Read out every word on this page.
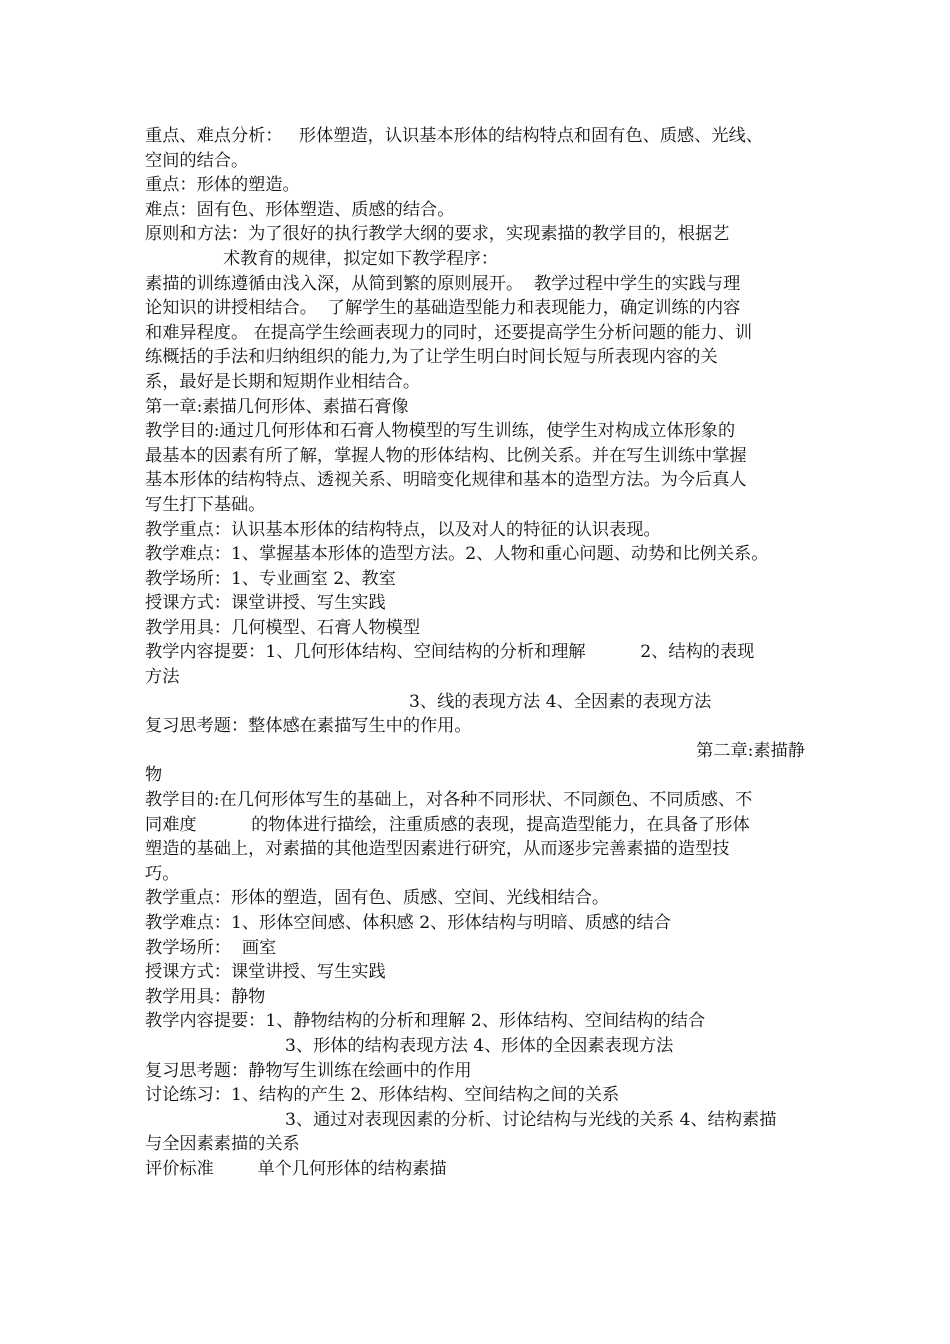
重点、难点分析：   形体塑造，认识基本形体的结构特点和固有色、质感、光线、
空间的结合。
重点：形体的塑造。
难点：固有色、形体塑造、质感的结合。
原则和方法：为了很好的执行教学大纲的要求，实现素描的教学目的，根据艺
术教育的规律，拟定如下教学程序：
素描的训练遵循由浅入深，从简到繁的原则展开。  教学过程中学生的实践与理
论知识的讲授相结合。  了解学生的基础造型能力和表现能力，确定训练的内容
和难异程度。 在提高学生绘画表现力的同时，还要提高学生分析问题的能力、训
练概括的手法和归纳组织的能力,为了让学生明白时间长短与所表现内容的关
系，最好是长期和短期作业相结合。
第一章:素描几何形体、素描石膏像
教学目的:通过几何形体和石膏人物模型的写生训练，使学生对构成立体形象的
最基本的因素有所了解，掌握人物的形体结构、比例关系。并在写生训练中掌握
基本形体的结构特点、透视关系、明暗变化规律和基本的造型方法。为今后真人
写生打下基础。
教学重点：认识基本形体的结构特点，以及对人的特征的认识表现。
教学难点：1、掌握基本形体的造型方法。2、人物和重心问题、动势和比例关系。
教学场所：1、专业画室 2、教室
授课方式：课堂讲授、写生实践
教学用具：几何模型、石膏人物模型
教学内容提要：1、几何形体结构、空间结构的分析和理解          2、结构的表现
方法
3、线的表现方法 4、全因素的表现方法
复习思考题：整体感在素描写生中的作用。
第二章:素描静
物
教学目的:在几何形体写生的基础上，对各种不同形状、不同颜色、不同质感、不
同难度          的物体进行描绘，注重质感的表现，提高造型能力，在具备了形体
塑造的基础上，对素描的其他造型因素进行研究，从而逐步完善素描的造型技
巧。
教学重点：形体的塑造，固有色、质感、空间、光线相结合。
教学难点：1、形体空间感、体积感 2、形体结构与明暗、质感的结合
教学场所：  画室
授课方式：课堂讲授、写生实践
教学用具：静物
教学内容提要：1、静物结构的分析和理解 2、形体结构、空间结构的结合
3、形体的结构表现方法 4、形体的全因素表现方法
复习思考题：静物写生训练在绘画中的作用
讨论练习：1、结构的产生 2、形体结构、空间结构之间的关系
3、通过对表现因素的分析、讨论结构与光线的关系 4、结构素描
与全因素素描的关系
评价标准        单个几何形体的结构素描
